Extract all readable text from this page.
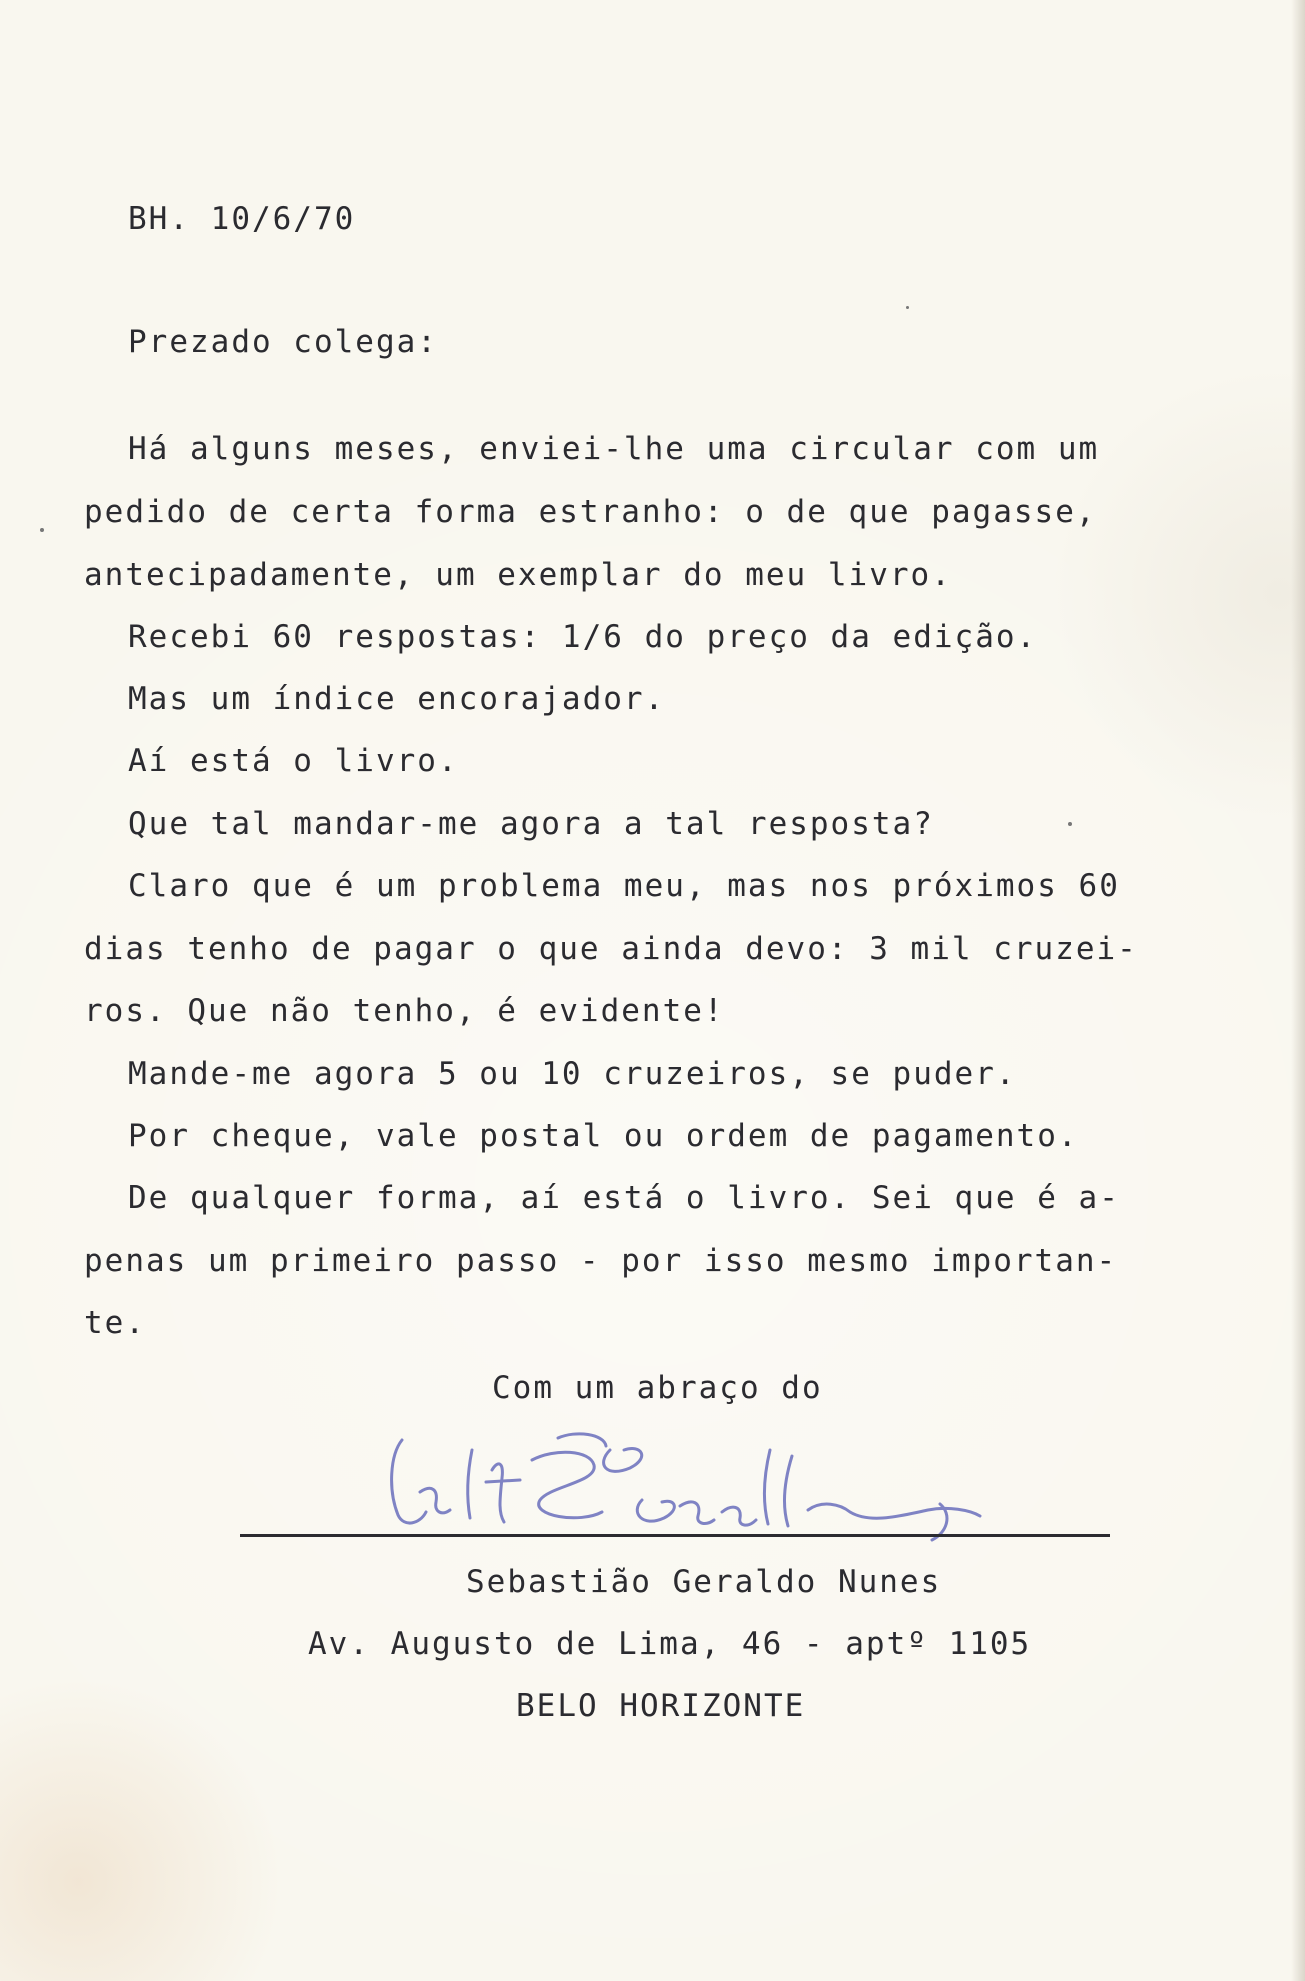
BH. 10/6/70

Prezado colega:

Há alguns meses, enviei-lhe uma circular com um

pedido de certa forma estranho: o de que pagasse,

antecipadamente, um exemplar do meu livro.

Recebi 60 respostas: 1/6 do preço da edição.

Mas um índice encorajador.

Aí está o livro.

Que tal mandar-me agora a tal resposta?

Claro que é um problema meu, mas nos próximos 60

dias tenho de pagar o que ainda devo: 3 mil cruzei-

ros. Que não tenho, é evidente!

Mande-me agora 5 ou 10 cruzeiros, se puder.

Por cheque, vale postal ou ordem de pagamento.

De qualquer forma, aí está o livro. Sei que é a-

penas um primeiro passo - por isso mesmo importan-

te.

Com um abraço do

Sebastião Geraldo Nunes

Av. Augusto de Lima, 46 - aptº 1105

BELO HORIZONTE
